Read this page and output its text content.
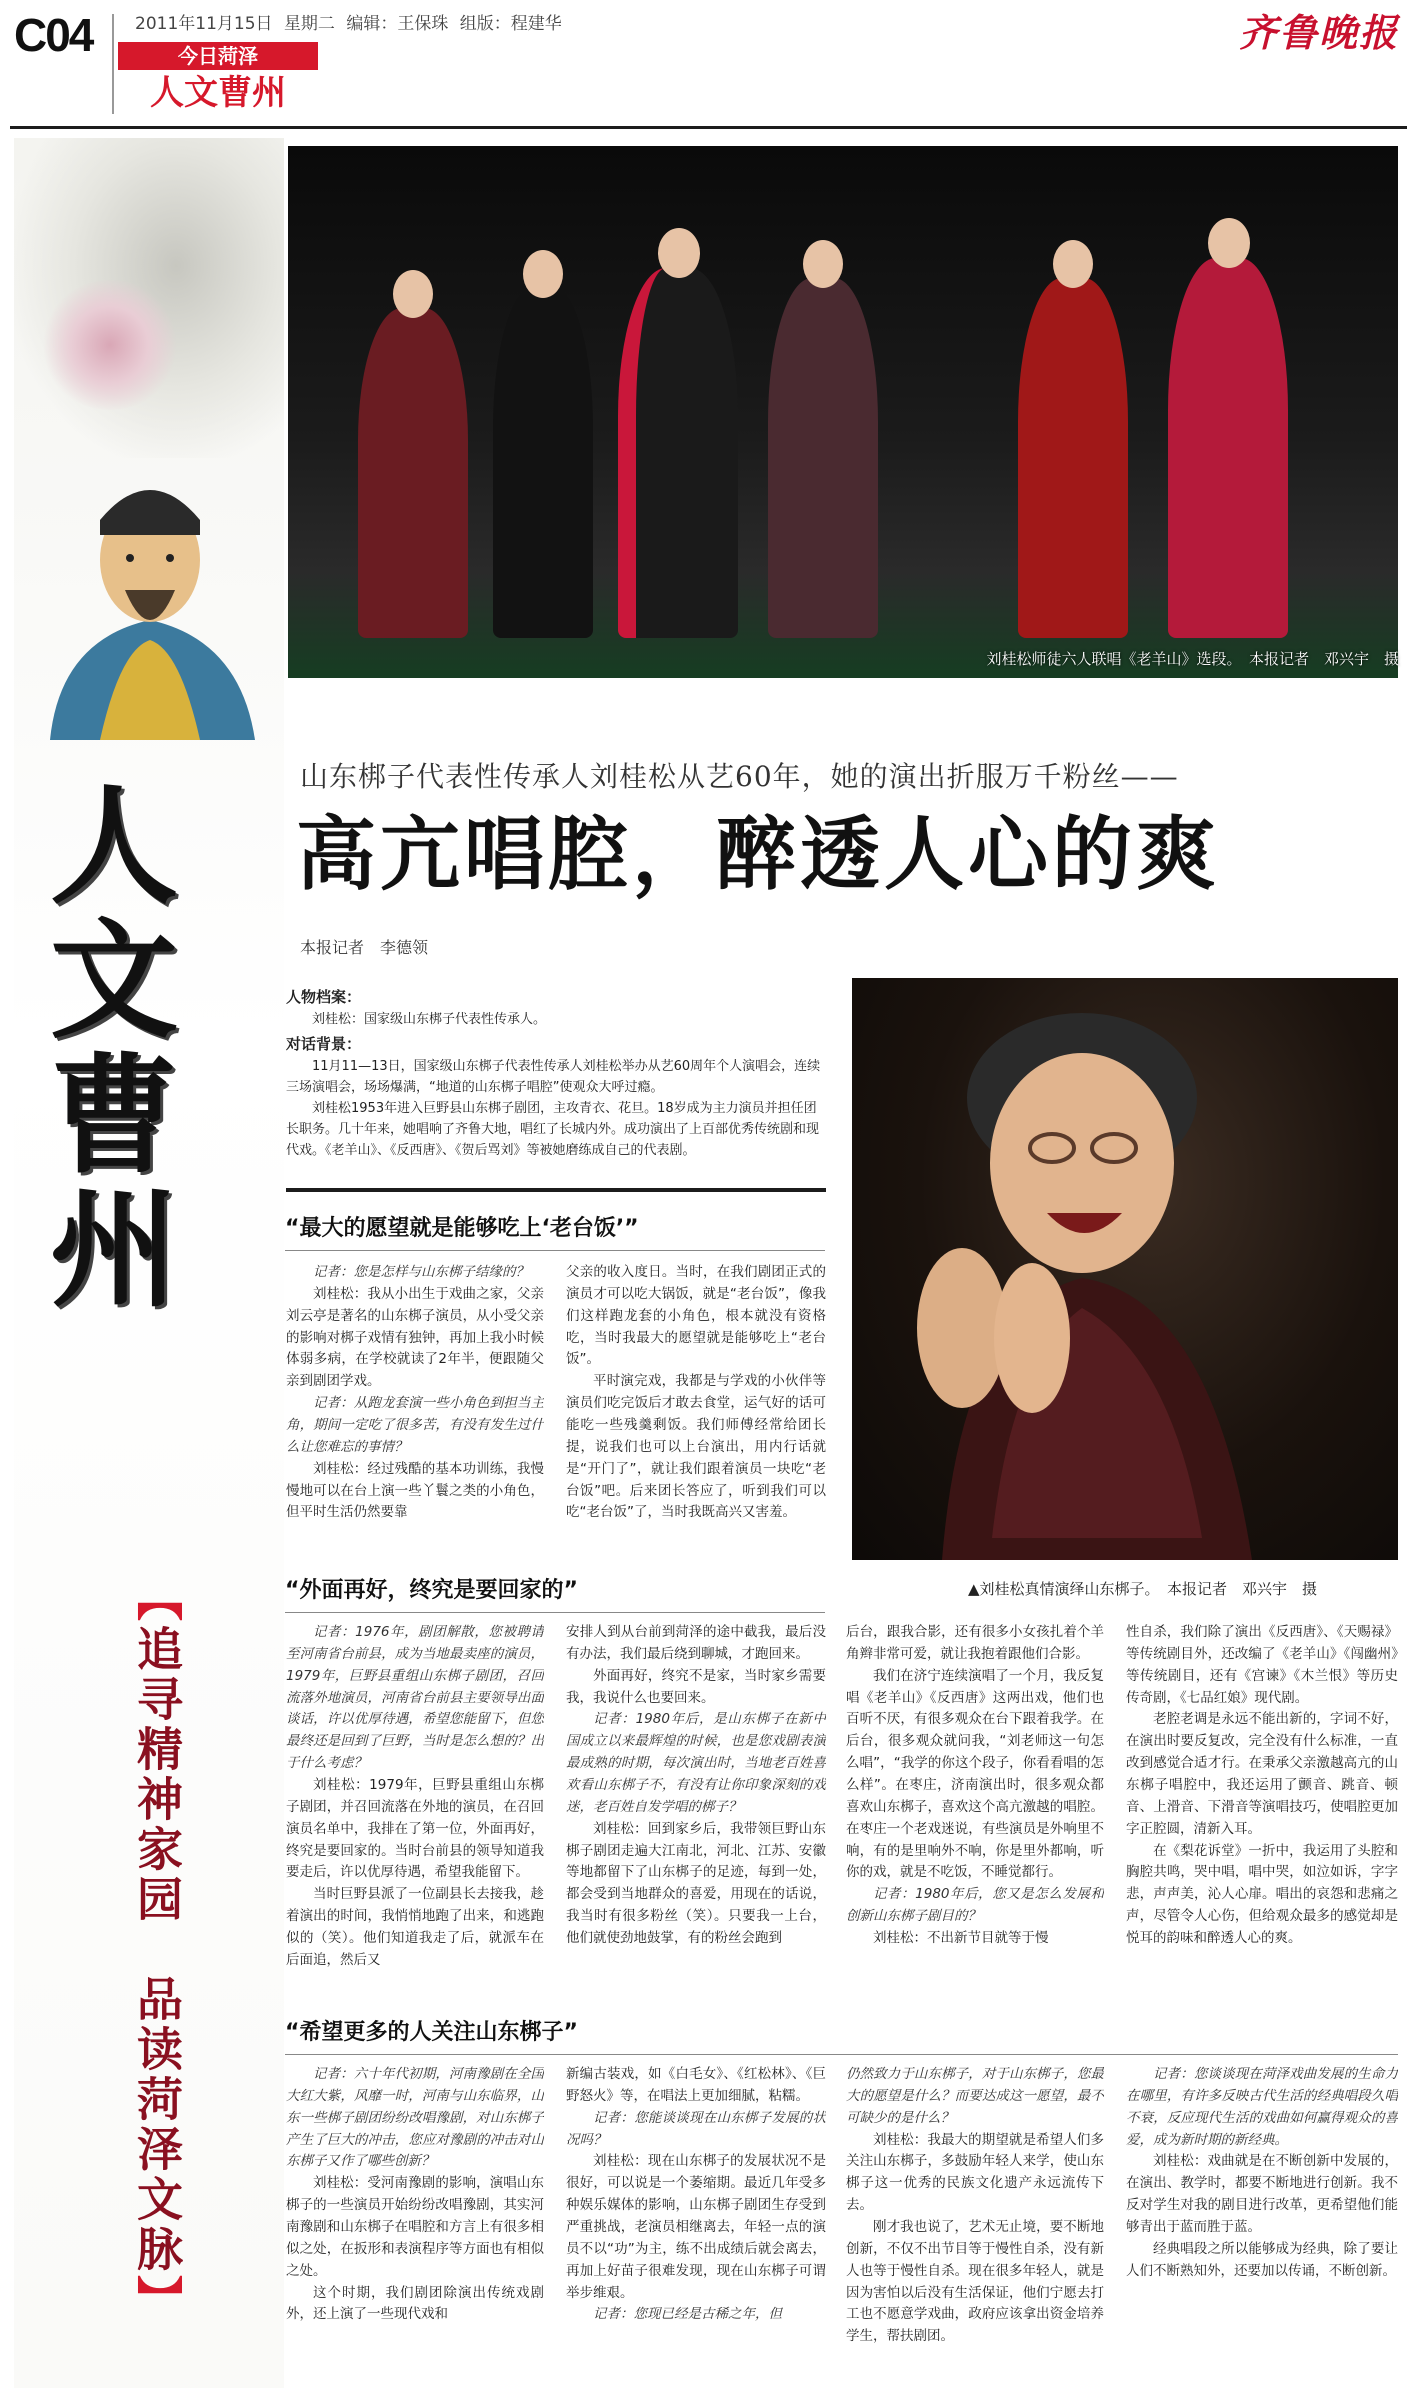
C04	2011年11月15日 星期二 编辑：王保珠 组版：程建华
今日菏泽
人文曹州
齐鲁晚报
人
文
曹
州
【追寻精神家园　品读菏泽文脉】
刘桂松师徒六人联唱《老羊山》选段。　本报记者　邓兴宇　摄
山东梆子代表性传承人刘桂松从艺60年，她的演出折服万千粉丝——
高亢唱腔，醉透人心的爽
本报记者　李德领
人物档案：

刘桂松：国家级山东梆子代表性传承人。

对话背景：

11月11—13日，国家级山东梆子代表性传承人刘桂松举办从艺60周年个人演唱会，连续三场演唱会，场场爆满，“地道的山东梆子唱腔”使观众大呼过瘾。

刘桂松1953年进入巨野县山东梆子剧团，主攻青衣、花旦。18岁成为主力演员并担任团长职务。几十年来，她唱响了齐鲁大地，唱红了长城内外。成功演出了上百部优秀传统剧和现代戏。《老羊山》、《反西唐》、《贺后骂刘》等被她磨练成自己的代表剧。

▲刘桂松真情演绎山东梆子。　本报记者　邓兴宇　摄
“最大的愿望就是能够吃上‘老台饭’”

记者：您是怎样与山东梆子结缘的？

刘桂松：我从小出生于戏曲之家，父亲刘云亭是著名的山东梆子演员，从小受父亲的影响对梆子戏情有独钟，再加上我小时候体弱多病，在学校就读了2年半，便跟随父亲到剧团学戏。

记者：从跑龙套演一些小角色到担当主角，期间一定吃了很多苦，有没有发生过什么让您难忘的事情？

刘桂松：经过残酷的基本功训练，我慢慢地可以在台上演一些丫鬟之类的小角色，但平时生活仍然要靠

父亲的收入度日。当时，在我们剧团正式的演员才可以吃大锅饭，就是“老台饭”，像我们这样跑龙套的小角色，根本就没有资格吃，当时我最大的愿望就是能够吃上“老台饭”。

平时演完戏，我都是与学戏的小伙伴等演员们吃完饭后才敢去食堂，运气好的话可能吃一些残羹剩饭。我们师傅经常给团长提，说我们也可以上台演出，用内行话就是“开门了”，就让我们跟着演员一块吃“老台饭”吧。后来团长答应了，听到我们可以吃“老台饭”了，当时我既高兴又害羞。

“外面再好，终究是要回家的”

记者：1976年，剧团解散，您被聘请至河南省台前县，成为当地最卖座的演员，1979年，巨野县重组山东梆子剧团，召回流落外地演员，河南省台前县主要领导出面谈话，许以优厚待遇，希望您能留下，但您最终还是回到了巨野，当时是怎么想的？出于什么考虑？

刘桂松：1979年，巨野县重组山东梆子剧团，并召回流落在外地的演员，在召回演员名单中，我排在了第一位，外面再好，终究是要回家的。当时台前县的领导知道我要走后，许以优厚待遇，希望我能留下。

当时巨野县派了一位副县长去接我，趁着演出的时间，我悄悄地跑了出来，和逃跑似的（笑）。他们知道我走了后，就派车在后面追，然后又

安排人到从台前到菏泽的途中截我，最后没有办法，我们最后绕到聊城，才跑回来。

外面再好，终究不是家，当时家乡需要我，我说什么也要回来。

记者：1980年后，是山东梆子在新中国成立以来最辉煌的时候，也是您戏剧表演最成熟的时期，每次演出时，当地老百姓喜欢看山东梆子不，有没有让你印象深刻的戏迷，老百姓自发学唱的梆子？

刘桂松：回到家乡后，我带领巨野山东梆子剧团走遍大江南北，河北、江苏、安徽等地都留下了山东梆子的足迹，每到一处，都会受到当地群众的喜爱，用现在的话说，我当时有很多粉丝（笑）。只要我一上台，他们就使劲地鼓掌，有的粉丝会跑到

后台，跟我合影，还有很多小女孩扎着个羊角辫非常可爱，就让我抱着跟他们合影。

我们在济宁连续演唱了一个月，我反复唱《老羊山》《反西唐》这两出戏，他们也百听不厌，有很多观众在台下跟着我学。在后台，很多观众就问我，“刘老师这一句怎么唱”，“我学的你这个段子，你看看唱的怎么样”。在枣庄，济南演出时，很多观众都喜欢山东梆子，喜欢这个高亢激越的唱腔。在枣庄一个老戏迷说，有些演员是外响里不响，有的是里响外不响，你是里外都响，听你的戏，就是不吃饭，不睡觉都行。

记者：1980年后，您又是怎么发展和创新山东梆子剧目的？

刘桂松：不出新节目就等于慢

性自杀，我们除了演出《反西唐》、《天赐禄》等传统剧目外，还改编了《老羊山》《闯幽州》等传统剧目，还有《宫谏》《木兰恨》等历史传奇剧，《七品红娘》现代剧。

老腔老调是永远不能出新的，字词不好，在演出时要反复改，完全没有什么标准，一直改到感觉合适才行。在秉承父亲激越高亢的山东梆子唱腔中，我还运用了颤音、跳音、顿音、上滑音、下滑音等演唱技巧，使唱腔更加字正腔圆，清新入耳。

在《梨花诉堂》一折中，我运用了头腔和胸腔共鸣，哭中唱，唱中哭，如泣如诉，字字悲，声声美，沁人心扉。唱出的哀怨和悲痛之声，尽管令人心伤，但给观众最多的感觉却是悦耳的韵味和醉透人心的爽。

“希望更多的人关注山东梆子”

记者：六十年代初期，河南豫剧在全国大红大紫，风靡一时，河南与山东临界，山东一些梆子剧团纷纷改唱豫剧，对山东梆子产生了巨大的冲击，您应对豫剧的冲击对山东梆子又作了哪些创新？

刘桂松：受河南豫剧的影响，演唱山东梆子的一些演员开始纷纷改唱豫剧，其实河南豫剧和山东梆子在唱腔和方言上有很多相似之处，在扳形和表演程序等方面也有相似之处。

这个时期，我们剧团除演出传统戏剧外，还上演了一些现代戏和

新编古装戏，如《白毛女》、《红松林》、《巨野怒火》等，在唱法上更加细腻，粘糯。

记者：您能谈谈现在山东梆子发展的状况吗？

刘桂松：现在山东梆子的发展状况不是很好，可以说是一个萎缩期。最近几年受多种娱乐媒体的影响，山东梆子剧团生存受到严重挑战，老演员相继离去，年轻一点的演员不以“功”为主，练不出成绩后就会离去，再加上好苗子很难发现，现在山东梆子可谓举步维艰。

记者：您现已经是古稀之年，但

仍然致力于山东梆子，对于山东梆子，您最大的愿望是什么？而要达成这一愿望，最不可缺少的是什么？

刘桂松：我最大的期望就是希望人们多关注山东梆子，多鼓励年轻人来学，使山东梆子这一优秀的民族文化遗产永远流传下去。

刚才我也说了，艺术无止境，要不断地创新，不仅不出节目等于慢性自杀，没有新人也等于慢性自杀。现在很多年轻人，就是因为害怕以后没有生活保证，他们宁愿去打工也不愿意学戏曲，政府应该拿出资金培养学生，帮扶剧团。

记者：您谈谈现在菏泽戏曲发展的生命力在哪里，有许多反映古代生活的经典唱段久唱不衰，反应现代生活的戏曲如何赢得观众的喜爱，成为新时期的新经典。

刘桂松：戏曲就是在不断创新中发展的，在演出、教学时，都要不断地进行创新。我不反对学生对我的剧目进行改革，更希望他们能够青出于蓝而胜于蓝。

经典唱段之所以能够成为经典，除了要让人们不断熟知外，还要加以传诵，不断创新。
